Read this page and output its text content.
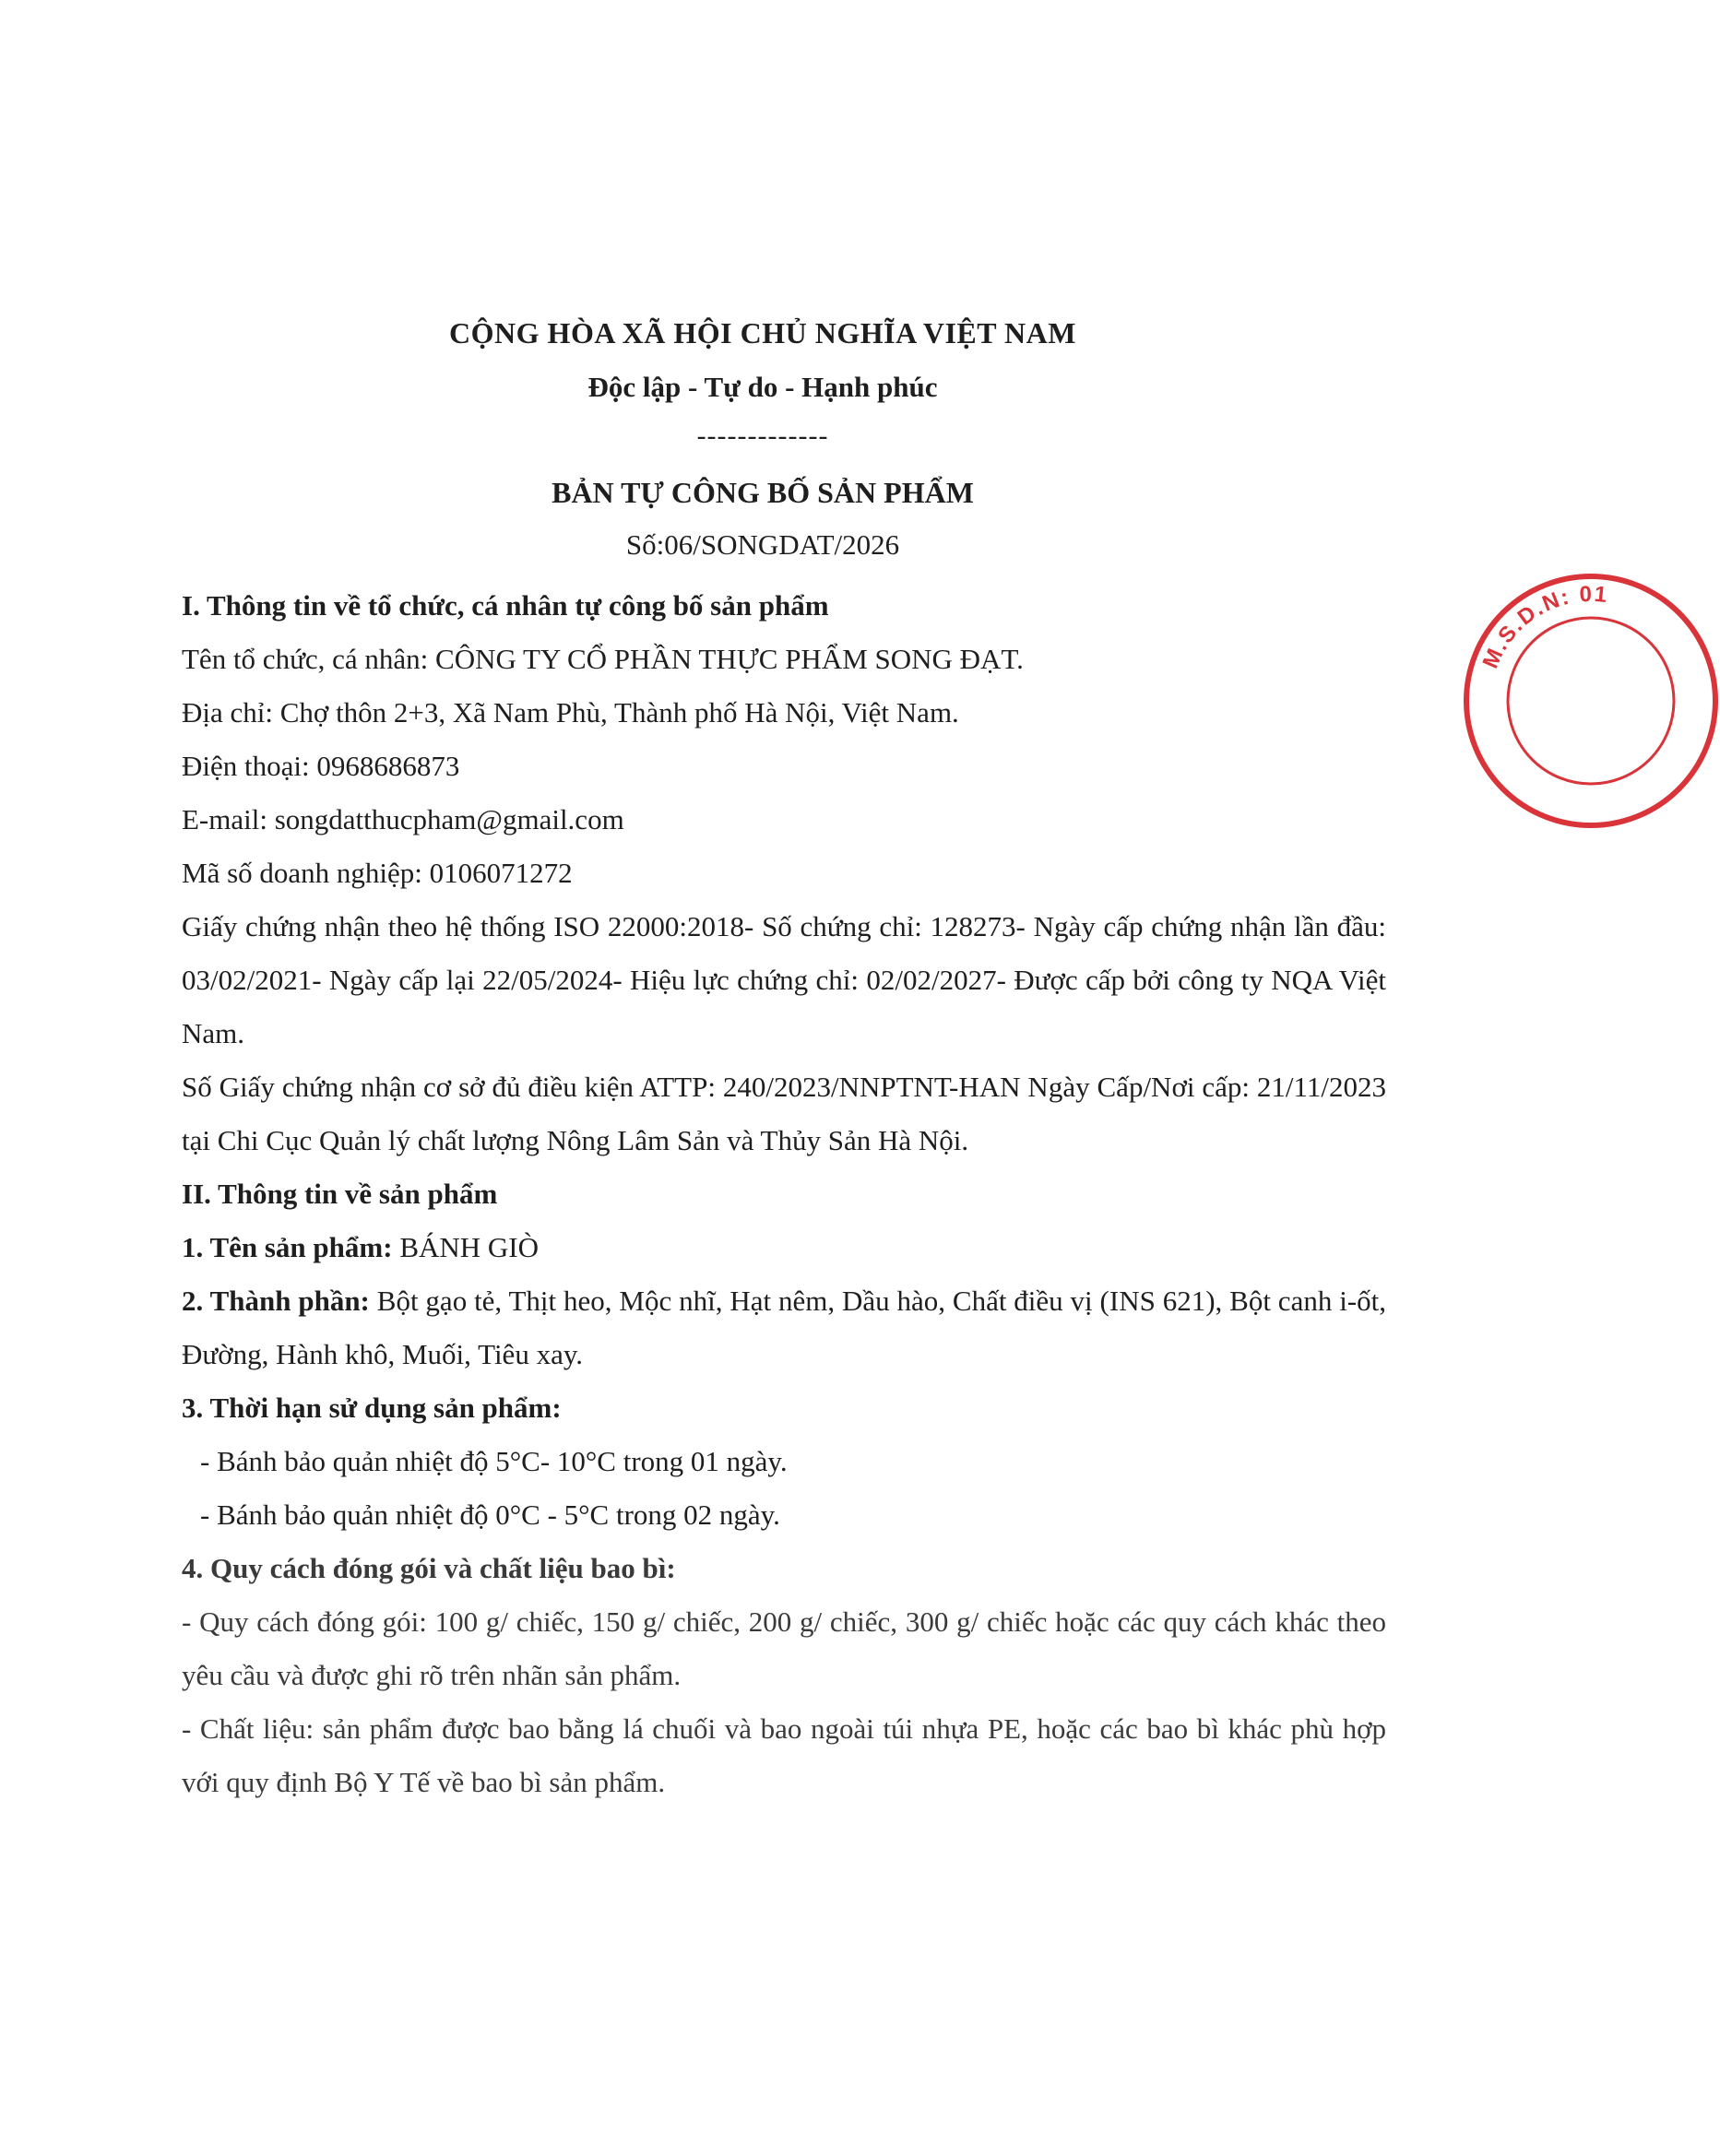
CỘNG HÒA XÃ HỘI CHỦ NGHĨA VIỆT NAM
Độc lập - Tự do - Hạnh phúc
-------------
BẢN TỰ CÔNG BỐ SẢN PHẨM
Số:06/SONGDAT/2026
I. Thông tin về tổ chức, cá nhân tự công bố sản phẩm
Tên tổ chức, cá nhân: CÔNG TY CỔ PHẦN THỰC PHẨM SONG ĐẠT.
Địa chỉ: Chợ thôn 2+3, Xã Nam Phù, Thành phố Hà Nội, Việt Nam.
Điện thoại: 0968686873
E-mail: songdatthucpham@gmail.com
Mã số doanh nghiệp: 0106071272
Giấy chứng nhận theo hệ thống ISO 22000:2018- Số chứng chỉ: 128273- Ngày cấp chứng nhận lần đầu: 03/02/2021- Ngày cấp lại 22/05/2024- Hiệu lực chứng chỉ: 02/02/2027- Được cấp bởi công ty NQA Việt Nam.
Số Giấy chứng nhận cơ sở đủ điều kiện ATTP: 240/2023/NNPTNT-HAN Ngày Cấp/Nơi cấp: 21/11/2023 tại Chi Cục Quản lý chất lượng Nông Lâm Sản và Thủy Sản Hà Nội.
II. Thông tin về sản phẩm
1. Tên sản phẩm: BÁNH GIÒ
2. Thành phần: Bột gạo tẻ, Thịt heo, Mộc nhĩ, Hạt nêm, Dầu hào, Chất điều vị (INS 621), Bột canh i-ốt, Đường, Hành khô, Muối, Tiêu xay.
3. Thời hạn sử dụng sản phẩm:
- Bánh bảo quản nhiệt độ 5°C- 10°C trong 01 ngày.
- Bánh bảo quản nhiệt độ 0°C - 5°C trong 02 ngày.
4. Quy cách đóng gói và chất liệu bao bì:
- Quy cách đóng gói: 100 g/ chiếc, 150 g/ chiếc, 200 g/ chiếc, 300 g/ chiếc hoặc các quy cách khác theo yêu cầu và được ghi rõ trên nhãn sản phẩm.
- Chất liệu: sản phẩm được bao bằng lá chuối và bao ngoài túi nhựa PE, hoặc các bao bì khác phù hợp với quy định Bộ Y Tế về bao bì sản phẩm.
M.S.D.N: 01
